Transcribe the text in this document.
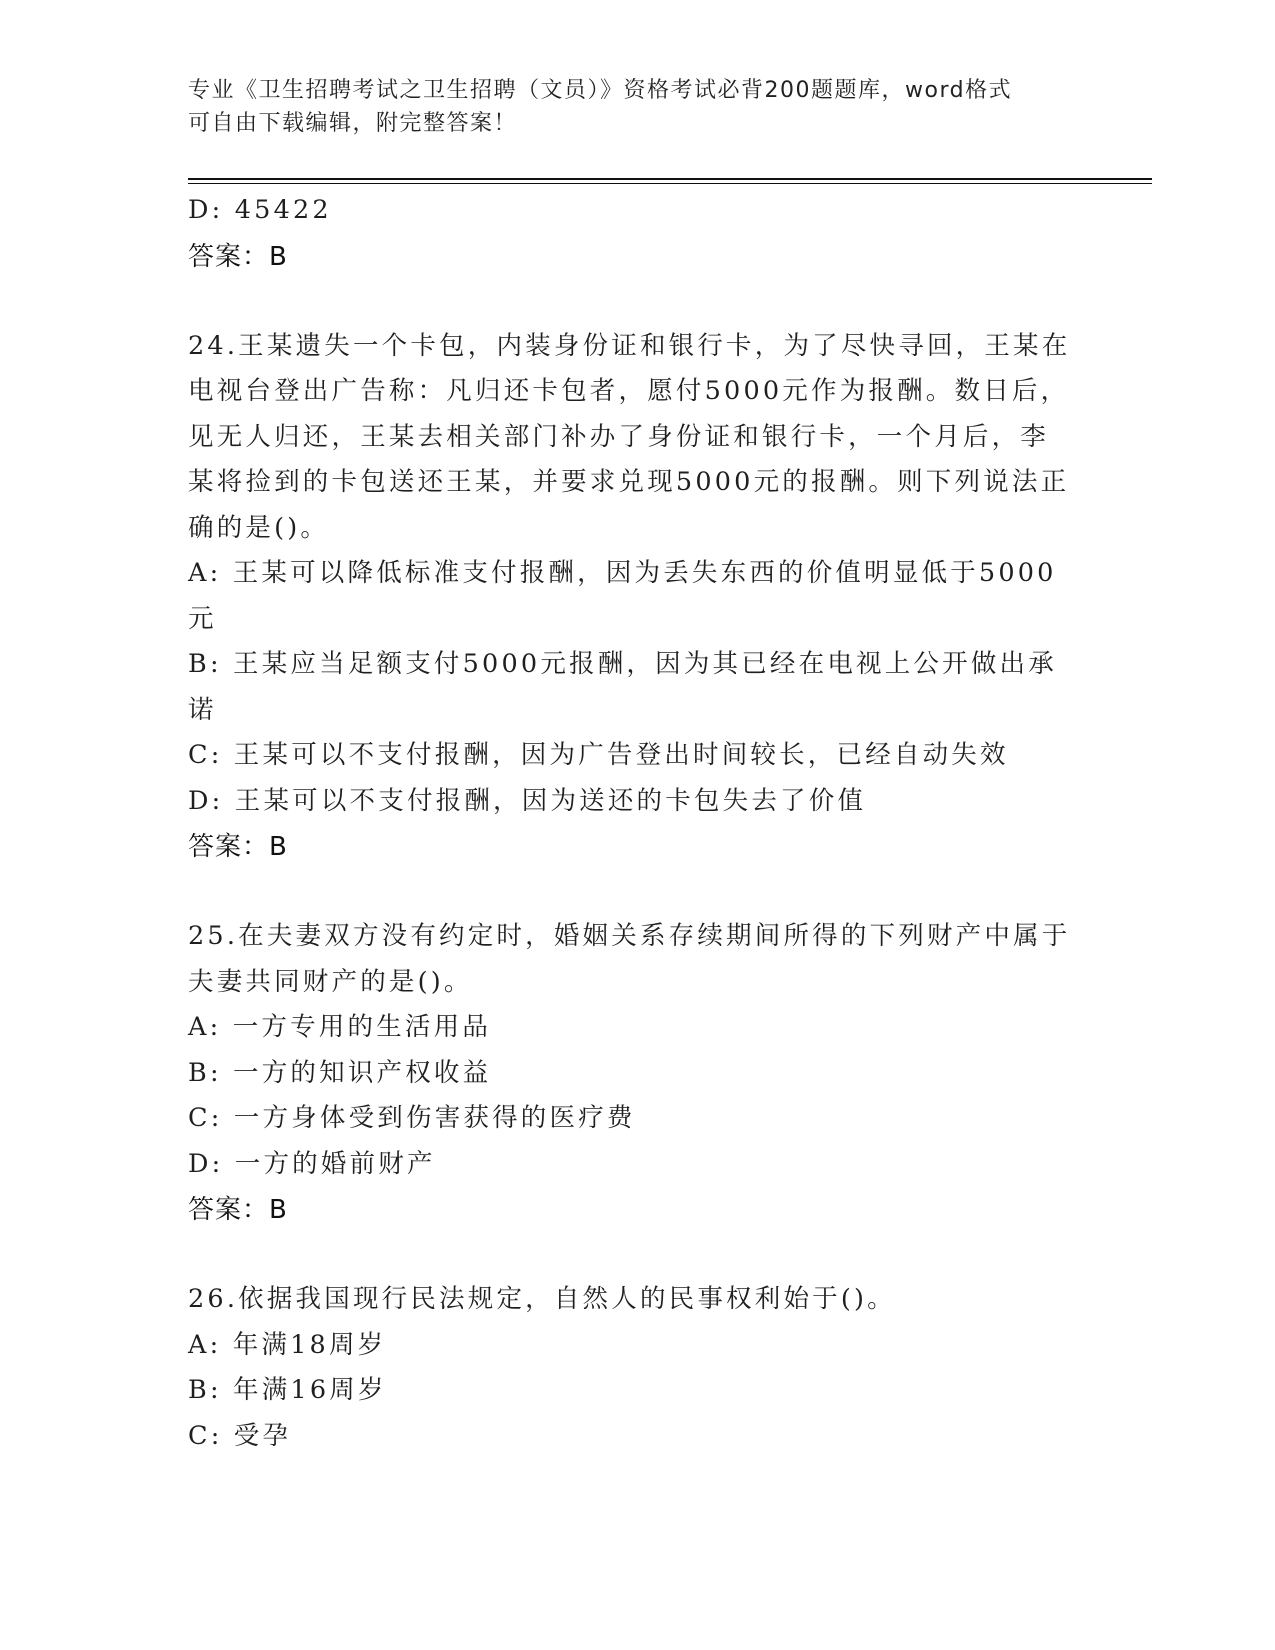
专业《卫生招聘考试之卫生招聘（文员）》资格考试必背200题题库，word格式
可自由下载编辑，附完整答案！
D: 45422
答案：B
24.王某遗失一个卡包，内装身份证和银行卡，为了尽快寻回，王某在
电视台登出广告称：凡归还卡包者，愿付5000元作为报酬。数日后，
见无人归还，王某去相关部门补办了身份证和银行卡，一个月后，李
某将捡到的卡包送还王某，并要求兑现5000元的报酬。则下列说法正
确的是()。
A: 王某可以降低标准支付报酬，因为丢失东西的价值明显低于5000
元
B: 王某应当足额支付5000元报酬，因为其已经在电视上公开做出承
诺
C: 王某可以不支付报酬，因为广告登出时间较长，已经自动失效
D: 王某可以不支付报酬，因为送还的卡包失去了价值
答案：B
25.在夫妻双方没有约定时，婚姻关系存续期间所得的下列财产中属于
夫妻共同财产的是()。
A: 一方专用的生活用品
B: 一方的知识产权收益
C: 一方身体受到伤害获得的医疗费
D: 一方的婚前财产
答案：B
26.依据我国现行民法规定，自然人的民事权利始于()。
A: 年满18周岁
B: 年满16周岁
C: 受孕
